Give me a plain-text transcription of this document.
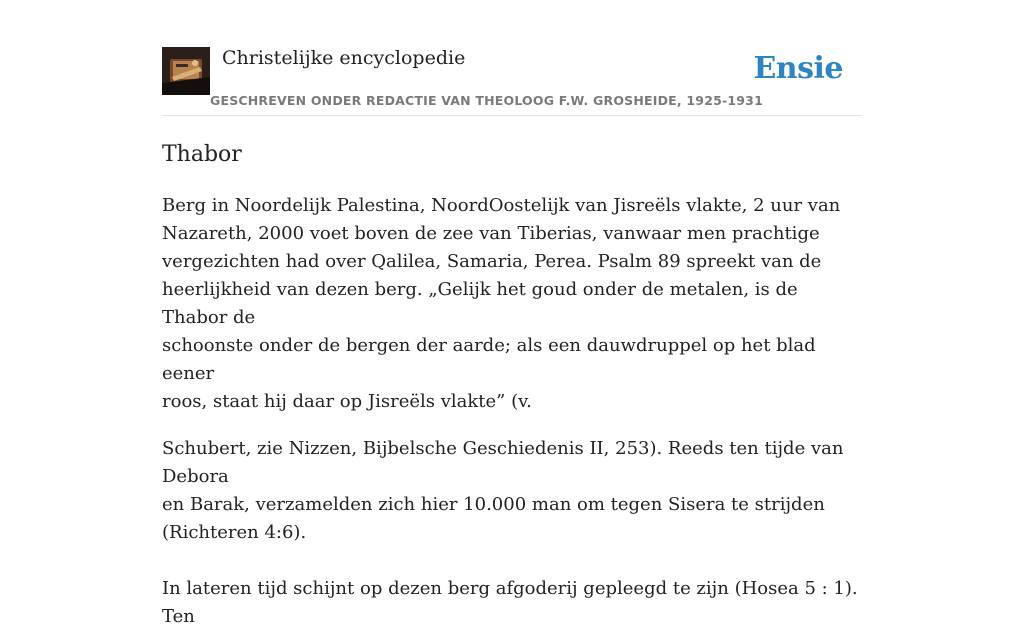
Christelijke encyclopedie
GESCHREVEN ONDER REDACTIE VAN THEOLOOG F.W. GROSHEIDE, 1925-1931
Ensie
Thabor

Berg in Noordelijk Palestina, NoordOostelijk van Jisreëls vlakte, 2 uur van
Nazareth, 2000 voet boven de zee van Tiberias, vanwaar men prachtige
vergezichten had over Qalilea, Samaria, Perea. Psalm 89 spreekt van de
heerlijkheid van dezen berg. „Gelijk het goud onder de metalen, is de Thabor de
schoonste onder de bergen der aarde; als een dauwdruppel op het blad eener
roos, staat hij daar op Jisreëls vlakte” (v.

Schubert, zie Nizzen, Bijbelsche Geschiedenis II, 253). Reeds ten tijde van Debora
en Barak, verzamelden zich hier 10.000 man om tegen Sisera te strijden
(Richteren 4:6).

In lateren tijd schijnt op dezen berg afgoderij gepleegd te zijn (Hosea 5 : 1). Ten
